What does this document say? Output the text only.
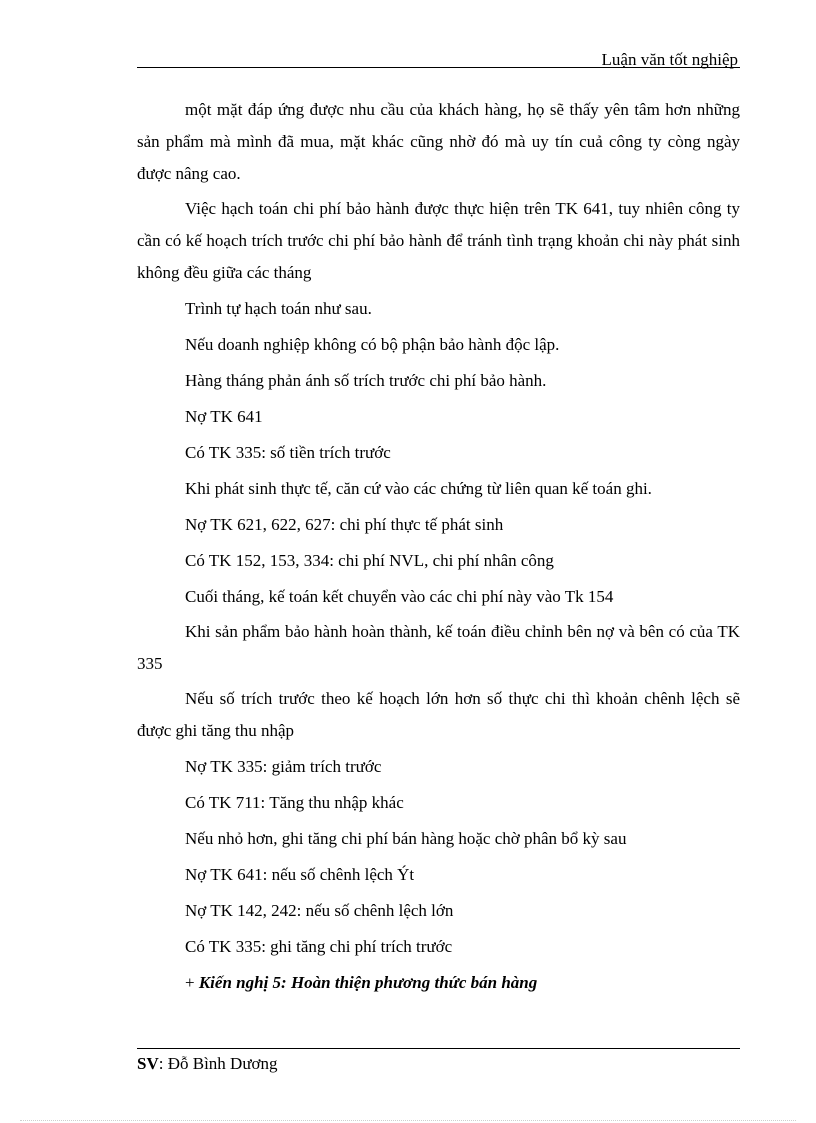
Luận văn tốt nghiệp

một mặt đáp ứng được nhu cầu của khách hàng, họ sẽ thấy yên tâm hơn những sản phẩm mà mình đã mua, mặt khác cũng nhờ đó mà uy tín cuả công ty còng ngày được nâng cao.

Việc hạch toán chi phí bảo hành được thực hiện trên TK 641, tuy nhiên công ty cần có kế hoạch trích trước chi phí bảo hành để tránh tình trạng khoản chi này phát sinh không đều giữa các tháng

Trình tự hạch toán như sau.

Nếu doanh nghiệp không có bộ phận bảo hành độc lập.

Hàng tháng phản ánh số trích trước chi phí bảo hành.

Nợ TK 641

Có TK 335: số tiền trích trước

Khi phát sinh thực tế, căn cứ vào các chứng từ liên quan kế toán ghi.

Nợ TK 621, 622, 627: chi phí thực tế phát sinh

Có TK 152, 153, 334: chi phí NVL, chi phí nhân công

Cuối tháng, kế toán kết chuyển vào các chi phí này vào Tk 154

Khi sản phẩm bảo hành hoàn thành, kế toán điều chỉnh bên nợ và bên có của TK 335

Nếu số trích trước theo kế hoạch lớn hơn số thực chi thì khoản chênh lệch sẽ được ghi tăng thu nhập

Nợ TK 335: giảm trích trước

Có TK 711: Tăng thu nhập khác

Nếu nhỏ hơn, ghi tăng chi phí bán hàng hoặc chờ phân bổ kỳ sau

Nợ TK 641: nếu số chênh lệch Ýt

Nợ TK 142, 242: nếu số chênh lệch lớn

Có TK 335: ghi tăng chi phí trích trước

+ Kiến nghị 5: Hoàn thiện phương thức bán hàng

SV: Đỗ Bình Dương
